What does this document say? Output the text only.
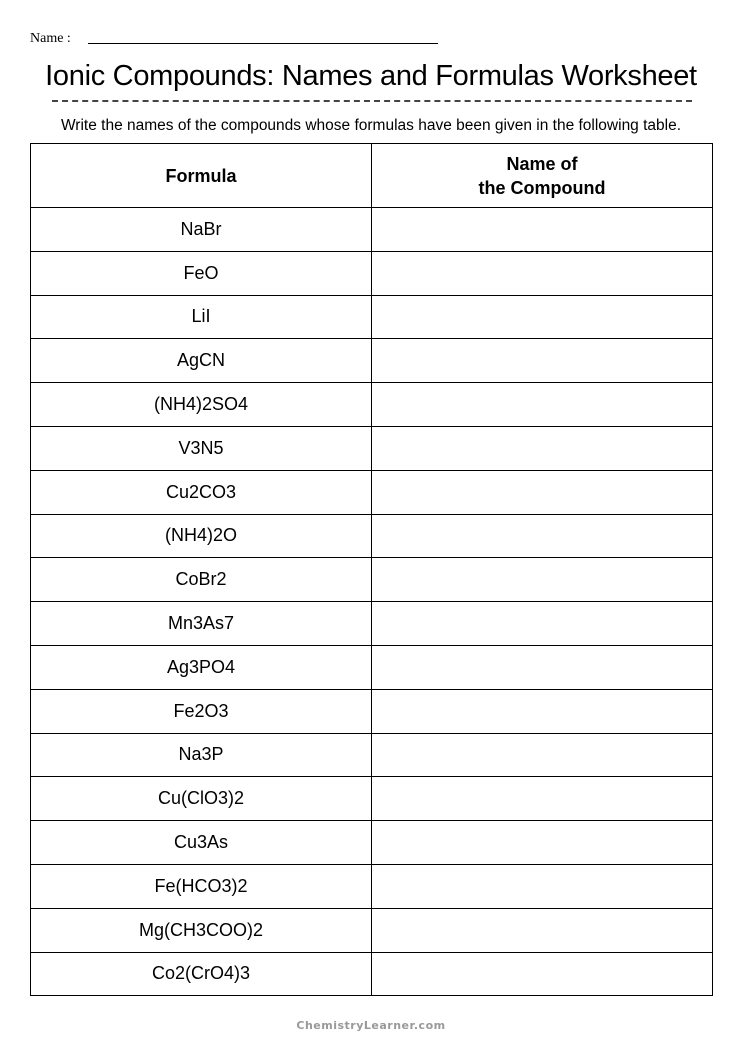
Name :
Ionic Compounds: Names and Formulas Worksheet
Write the names of the compounds whose formulas have been given in the following table.
Formula	Name of
the Compound
NaBr	
FeO	
LiI	
AgCN	
(NH4)2SO4	
V3N5	
Cu2CO3	
(NH4)2O	
CoBr2	
Mn3As7	
Ag3PO4	
Fe2O3	
Na3P	
Cu(ClO3)2	
Cu3As	
Fe(HCO3)2	
Mg(CH3COO)2	
Co2(CrO4)3	
ChemistryLearner.com
